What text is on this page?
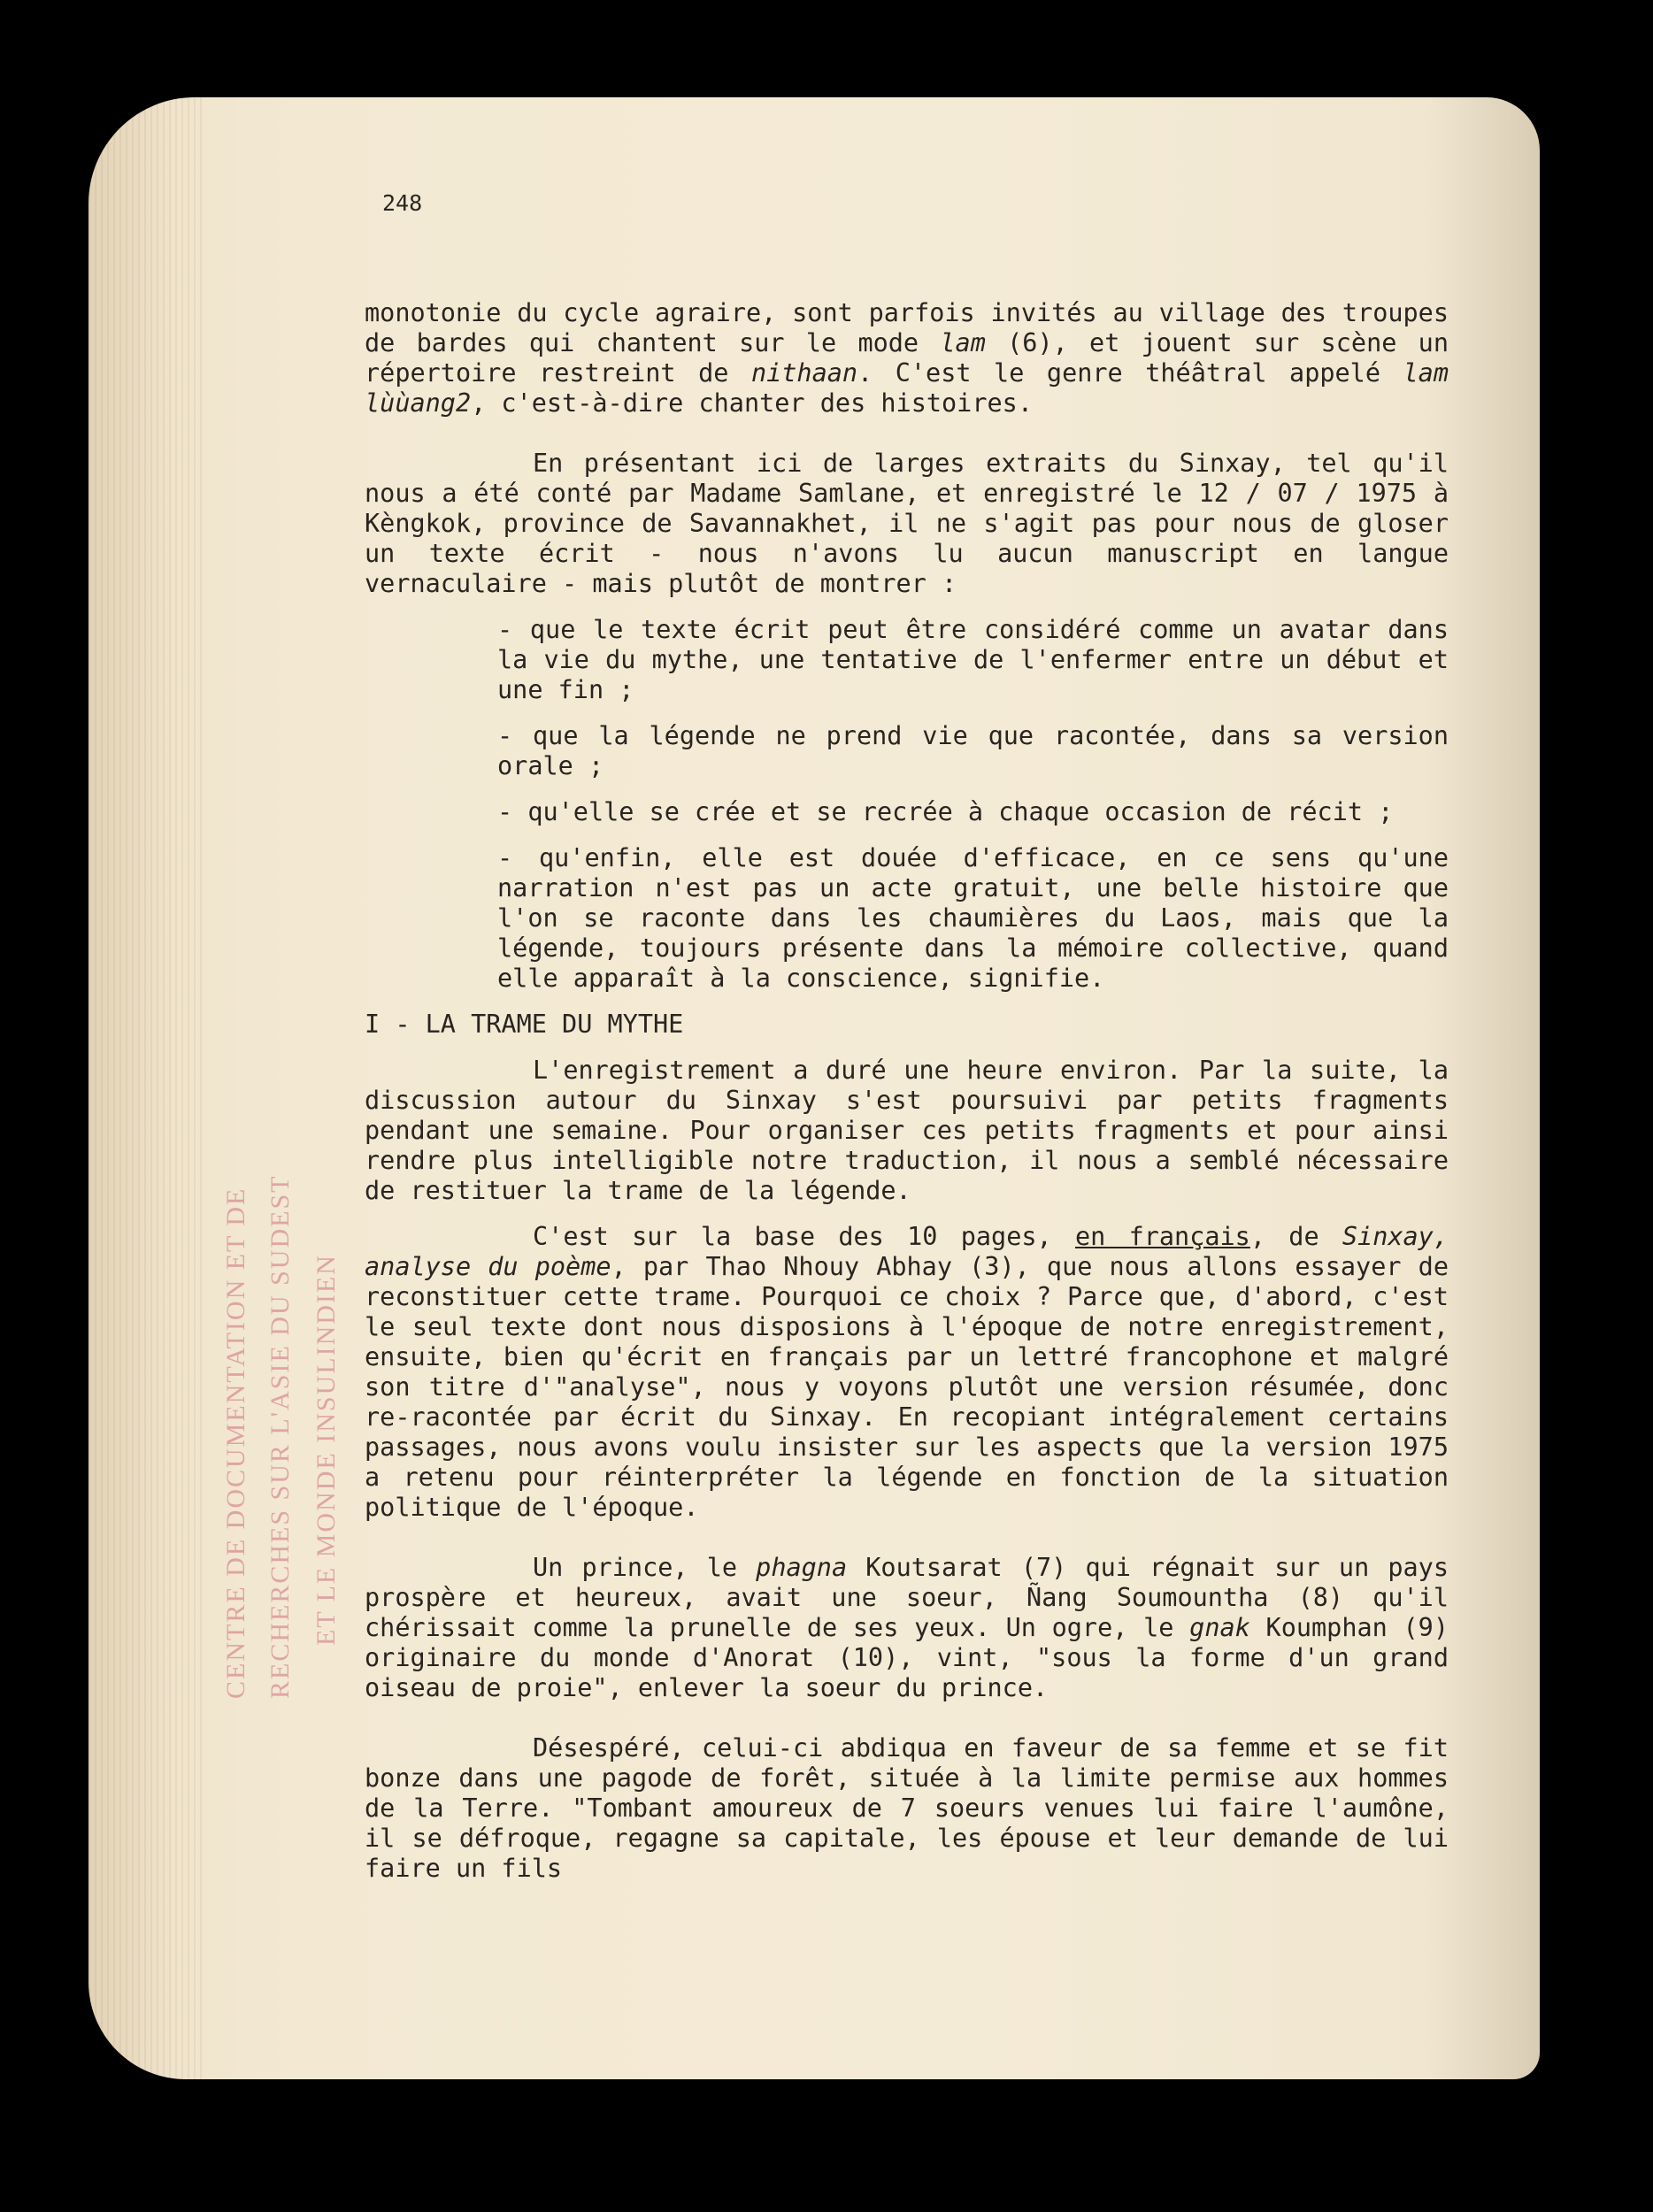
CENTRE DE DOCUMENTATION ET DE RECHERCHES SUR L'ASIE DU SUDEST ET LE MONDE INSULINDIEN
248

monotonie du cycle agraire, sont parfois invités au village des troupes de bardes qui chantent sur le mode lam (6), et jouent sur scène un répertoire restreint de nithaan. C'est le genre théâtral appelé lam lùùang2, c'est-à-dire chanter des histoires.

En présentant ici de larges extraits du Sinxay, tel qu'il nous a été conté par Madame Samlane, et enregistré le 12 / 07 / 1975 à Kèngkok, province de Savannakhet, il ne s'agit pas pour nous de gloser un texte écrit - nous n'avons lu aucun manuscript en langue vernaculaire - mais plutôt de montrer :

- que le texte écrit peut être considéré comme un avatar dans la vie du mythe, une tentative de l'enfermer entre un début et une fin ;

- que la légende ne prend vie que racontée, dans sa version orale ;

- qu'elle se crée et se recrée à chaque occasion de récit ;

- qu'enfin, elle est douée d'efficace, en ce sens qu'une narration n'est pas un acte gratuit, une belle histoire que l'on se raconte dans les chaumières du Laos, mais que la légende, toujours présente dans la mémoire collective, quand elle apparaît à la conscience, signifie.

I - LA TRAME DU MYTHE

L'enregistrement a duré une heure environ. Par la suite, la discussion autour du Sinxay s'est poursuivi par petits fragments pendant une semaine. Pour organiser ces petits fragments et pour ainsi rendre plus intelligible notre traduction, il nous a semblé nécessaire de restituer la trame de la légende.

C'est sur la base des 10 pages, en français, de Sinxay, analyse du poème, par Thao Nhouy Abhay (3), que nous allons essayer de reconstituer cette trame. Pourquoi ce choix ? Parce que, d'abord, c'est le seul texte dont nous disposions à l'époque de notre enregistrement, ensuite, bien qu'écrit en français par un lettré francophone et malgré son titre d'"analyse", nous y voyons plutôt une version résumée, donc re-racontée par écrit du Sinxay. En recopiant intégralement certains passages, nous avons voulu insister sur les aspects que la version 1975 a retenu pour réinterpréter la légende en fonction de la situation politique de l'époque.

Un prince, le phagna Koutsarat (7) qui régnait sur un pays prospère et heureux, avait une soeur, Ñang Soumountha (8) qu'il chérissait comme la prunelle de ses yeux. Un ogre, le gnak Koumphan (9) originaire du monde d'Anorat (10), vint, "sous la forme d'un grand oiseau de proie", enlever la soeur du prince.

Désespéré, celui-ci abdiqua en faveur de sa femme et se fit bonze dans une pagode de forêt, située à la limite permise aux hommes de la Terre. "Tombant amoureux de 7 soeurs venues lui faire l'aumône, il se défroque, regagne sa capitale, les épouse et leur demande de lui faire un fils
